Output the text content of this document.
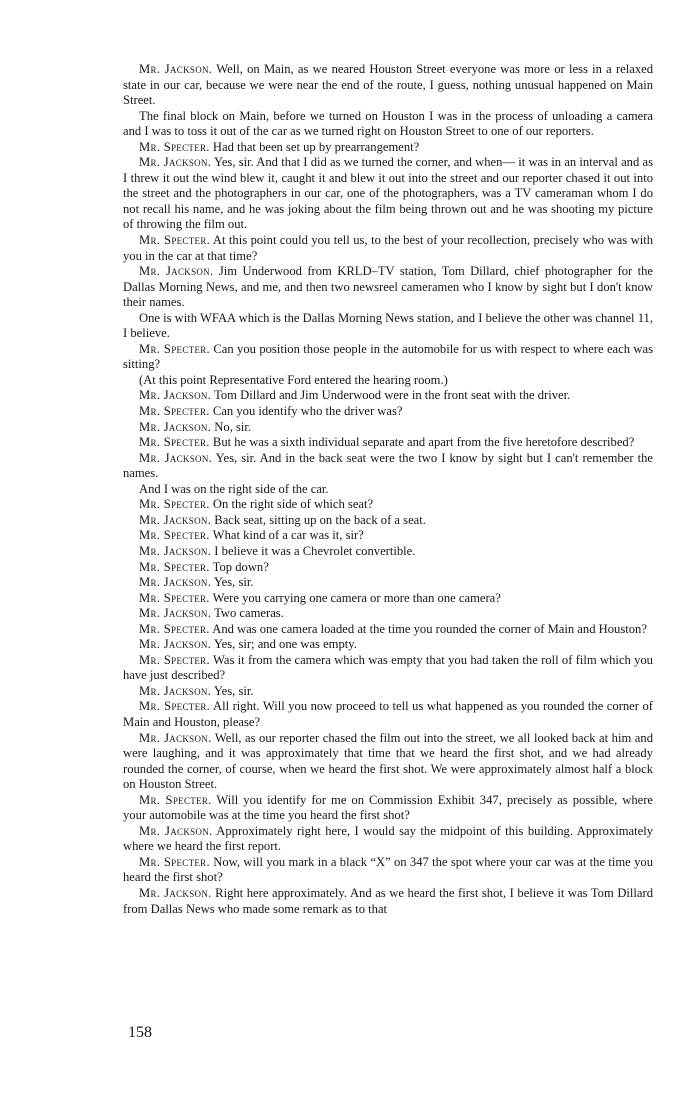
Mr. Jackson. Well, on Main, as we neared Houston Street everyone was more or less in a relaxed state in our car, because we were near the end of the route, I guess, nothing unusual happened on Main Street.

The final block on Main, before we turned on Houston I was in the process of unloading a camera and I was to toss it out of the car as we turned right on Houston Street to one of our reporters.

Mr. Specter. Had that been set up by prearrangement?

Mr. Jackson. Yes, sir. And that I did as we turned the corner, and when— it was in an interval and as I threw it out the wind blew it, caught it and blew it out into the street and our reporter chased it out into the street and the photographers in our car, one of the photographers, was a TV cameraman whom I do not recall his name, and he was joking about the film being thrown out and he was shooting my picture of throwing the film out.

Mr. Specter. At this point could you tell us, to the best of your recollection, precisely who was with you in the car at that time?

Mr. Jackson. Jim Underwood from KRLD–TV station, Tom Dillard, chief photographer for the Dallas Morning News, and me, and then two newsreel cameramen who I know by sight but I don't know their names.

One is with WFAA which is the Dallas Morning News station, and I believe the other was channel 11, I believe.

Mr. Specter. Can you position those people in the automobile for us with respect to where each was sitting?

(At this point Representative Ford entered the hearing room.)

Mr. Jackson. Tom Dillard and Jim Underwood were in the front seat with the driver.

Mr. Specter. Can you identify who the driver was?

Mr. Jackson. No, sir.

Mr. Specter. But he was a sixth individual separate and apart from the five heretofore described?

Mr. Jackson. Yes, sir. And in the back seat were the two I know by sight but I can't remember the names.

And I was on the right side of the car.

Mr. Specter. On the right side of which seat?

Mr. Jackson. Back seat, sitting up on the back of a seat.

Mr. Specter. What kind of a car was it, sir?

Mr. Jackson. I believe it was a Chevrolet convertible.

Mr. Specter. Top down?

Mr. Jackson. Yes, sir.

Mr. Specter. Were you carrying one camera or more than one camera?

Mr. Jackson. Two cameras.

Mr. Specter. And was one camera loaded at the time you rounded the corner of Main and Houston?

Mr. Jackson. Yes, sir; and one was empty.

Mr. Specter. Was it from the camera which was empty that you had taken the roll of film which you have just described?

Mr. Jackson. Yes, sir.

Mr. Specter. All right. Will you now proceed to tell us what happened as you rounded the corner of Main and Houston, please?

Mr. Jackson. Well, as our reporter chased the film out into the street, we all looked back at him and were laughing, and it was approximately that time that we heard the first shot, and we had already rounded the corner, of course, when we heard the first shot. We were approximately almost half a block on Houston Street.

Mr. Specter. Will you identify for me on Commission Exhibit 347, precisely as possible, where your automobile was at the time you heard the first shot?

Mr. Jackson. Approximately right here, I would say the midpoint of this building. Approximately where we heard the first report.

Mr. Specter. Now, will you mark in a black “X” on 347 the spot where your car was at the time you heard the first shot?

Mr. Jackson. Right here approximately. And as we heard the first shot, I believe it was Tom Dillard from Dallas News who made some remark as to that

158
